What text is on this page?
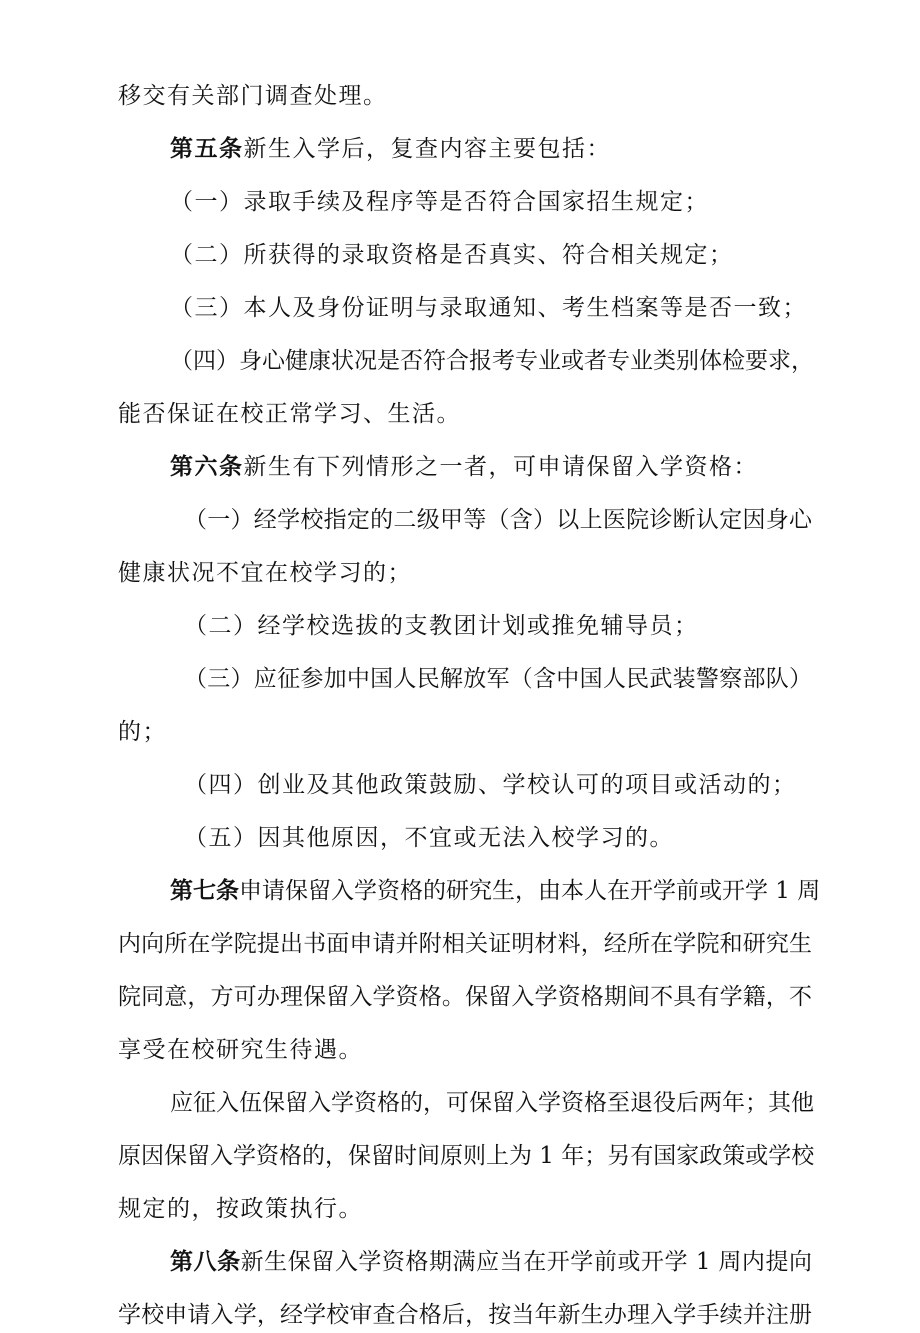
移交有关部门调查处理。
第五条新生入学后，复查内容主要包括：
（一）录取手续及程序等是否符合国家招生规定；
（二）所获得的录取资格是否真实、符合相关规定；
（三）本人及身份证明与录取通知、考生档案等是否一致；
（四）身心健康状况是否符合报考专业或者专业类别体检要求，
能否保证在校正常学习、生活。
第六条新生有下列情形之一者，可申请保留入学资格：
（一）经学校指定的二级甲等（含）以上医院诊断认定因身心
健康状况不宜在校学习的；
（二）经学校选拔的支教团计划或推免辅导员；
（三）应征参加中国人民解放军（含中国人民武装警察部队）
的；
（四）创业及其他政策鼓励、学校认可的项目或活动的；
（五）因其他原因，不宜或无法入校学习的。
第七条申请保留入学资格的研究生，由本人在开学前或开学 1 周
内向所在学院提出书面申请并附相关证明材料，经所在学院和研究生
院同意，方可办理保留入学资格。保留入学资格期间不具有学籍，不
享受在校研究生待遇。
应征入伍保留入学资格的，可保留入学资格至退役后两年；其他
原因保留入学资格的，保留时间原则上为 1 年；另有国家政策或学校
规定的，按政策执行。
第八条新生保留入学资格期满应当在开学前或开学 1 周内提向
学校申请入学，经学校审查合格后，按当年新生办理入学手续并注册
